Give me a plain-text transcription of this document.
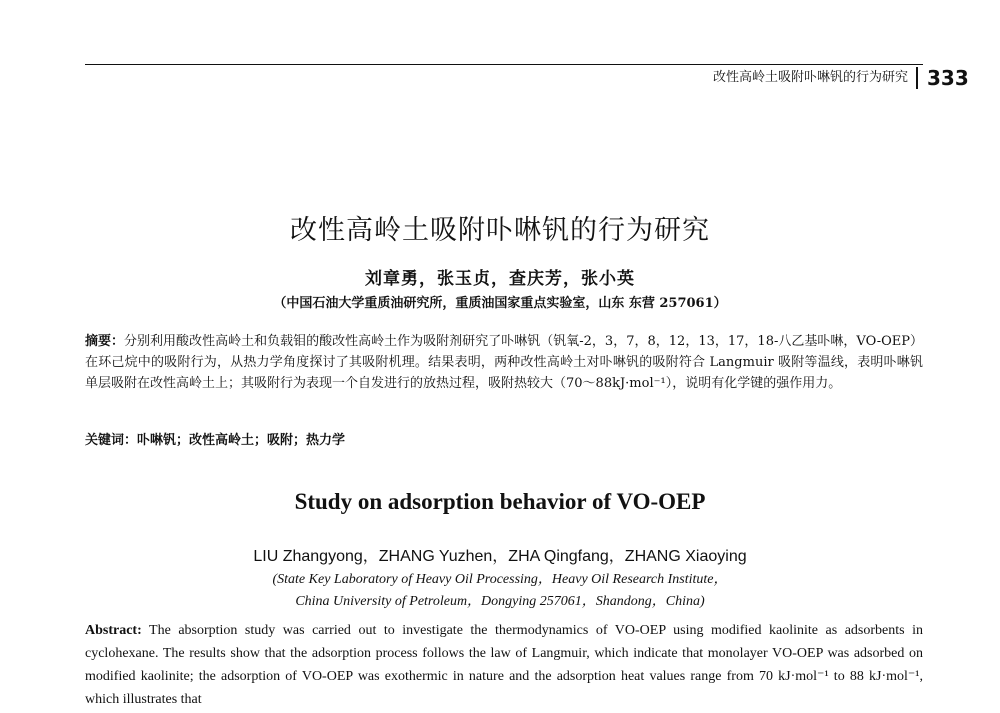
改性高岭土吸附卟啉钒的行为研究 333
改性高岭土吸附卟啉钒的行为研究
刘章勇，张玉贞，查庆芳，张小英
（中国石油大学重质油研究所，重质油国家重点实验室，山东 东营 257061）
摘要：分别利用酸改性高岭土和负载钼的酸改性高岭土作为吸附剂研究了卟啉钒（钒氧-2，3，7，8，12，13，17，18-八乙基卟啉，VO-OEP）在环己烷中的吸附行为，从热力学角度探讨了其吸附机理。结果表明，两种改性高岭土对卟啉钒的吸附符合 Langmuir 吸附等温线，表明卟啉钒单层吸附在改性高岭土上；其吸附行为表现一个自发进行的放热过程，吸附热较大（70～88kJ·mol⁻¹），说明有化学键的强作用力。
关键词：卟啉钒；改性高岭土；吸附；热力学
Study on adsorption behavior of VO-OEP
LIU Zhangyong，ZHANG Yuzhen，ZHA Qingfang，ZHANG Xiaoying
(State Key Laboratory of Heavy Oil Processing，Heavy Oil Research Institute，
China University of Petroleum，Dongying 257061，Shandong，China)
Abstract: The absorption study was carried out to investigate the thermodynamics of VO-OEP using modified kaolinite as adsorbents in cyclohexane. The results show that the adsorption process follows the law of Langmuir, which indicate that monolayer VO-OEP was adsorbed on modified kaolinite; the adsorption of VO-OEP was exothermic in nature and the adsorption heat values range from 70 kJ·mol⁻¹ to 88 kJ·mol⁻¹, which illustrates that
